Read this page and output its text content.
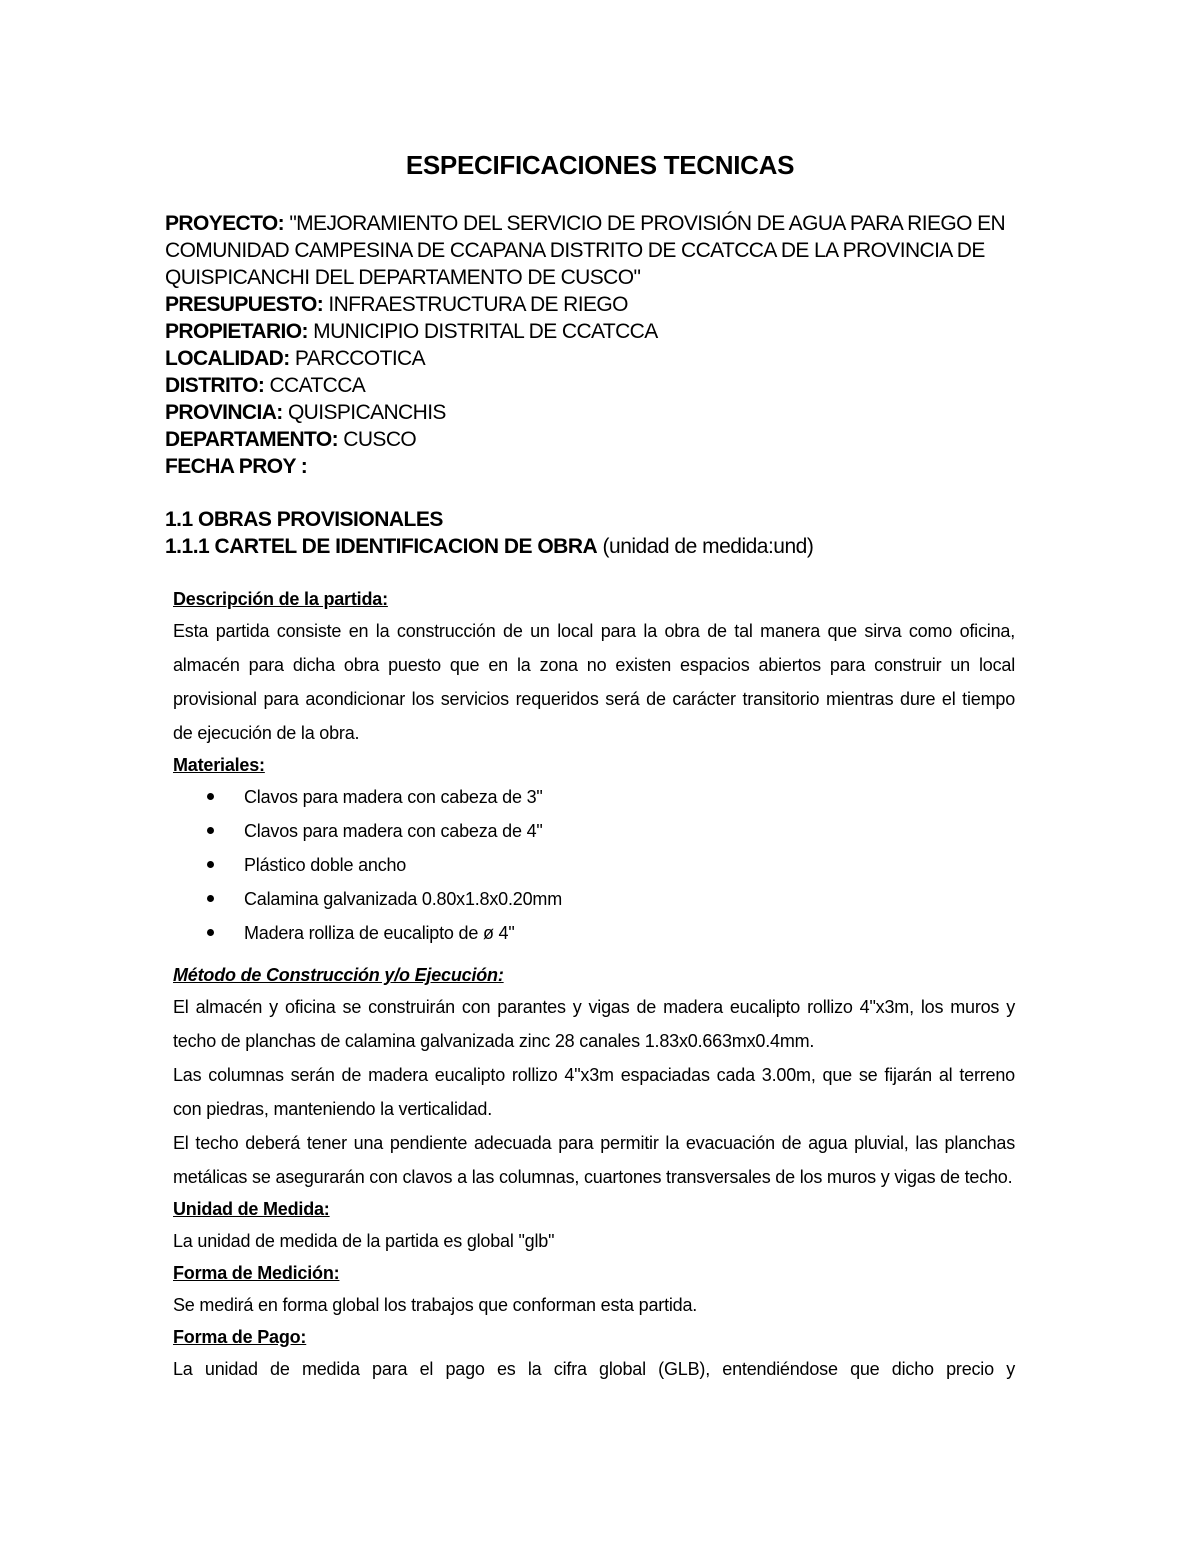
ESPECIFICACIONES TECNICAS
PROYECTO: "MEJORAMIENTO DEL SERVICIO DE PROVISIÓN DE AGUA PARA RIEGO EN COMUNIDAD CAMPESINA DE CCAPANA DISTRITO DE CCATCCA DE LA PROVINCIA DE QUISPICANCHI DEL DEPARTAMENTO DE CUSCO"
PRESUPUESTO: INFRAESTRUCTURA DE RIEGO
PROPIETARIO: MUNICIPIO DISTRITAL DE CCATCCA
LOCALIDAD: PARCCOTICA
DISTRITO: CCATCCA
PROVINCIA: QUISPICANCHIS
DEPARTAMENTO: CUSCO
FECHA PROY :
1.1 OBRAS PROVISIONALES
1.1.1 CARTEL DE IDENTIFICACION DE OBRA (unidad de medida:und)
Descripción de la partida:
Esta partida consiste en la construcción de un local para la obra de tal manera que sirva como oficina, almacén para dicha obra puesto que en la zona no existen espacios abiertos para construir un local provisional para acondicionar los servicios requeridos será de carácter transitorio mientras dure el tiempo de ejecución de la obra.
Materiales:
Clavos para madera con cabeza de 3"
Clavos para madera con cabeza de 4"
Plástico doble ancho
Calamina galvanizada 0.80x1.8x0.20mm
Madera rolliza de eucalipto de ø 4"
Método de Construcción y/o Ejecución:
El almacén y oficina se construirán con parantes y vigas de madera eucalipto rollizo 4"x3m, los muros y techo de planchas de calamina galvanizada zinc 28 canales 1.83x0.663mx0.4mm.
Las columnas serán de madera eucalipto rollizo 4"x3m espaciadas cada 3.00m, que se fijarán al terreno con piedras, manteniendo la verticalidad.
El techo deberá tener una pendiente adecuada para permitir la evacuación de agua pluvial, las planchas metálicas se asegurarán con clavos a las columnas, cuartones transversales de los muros y vigas de techo.
Unidad de Medida:
La unidad de medida de la partida es global "glb"
Forma de Medición:
Se medirá en forma global los trabajos que conforman esta partida.
Forma de Pago:
La unidad de medida para el pago es la cifra global (GLB), entendiéndose que dicho precio y
